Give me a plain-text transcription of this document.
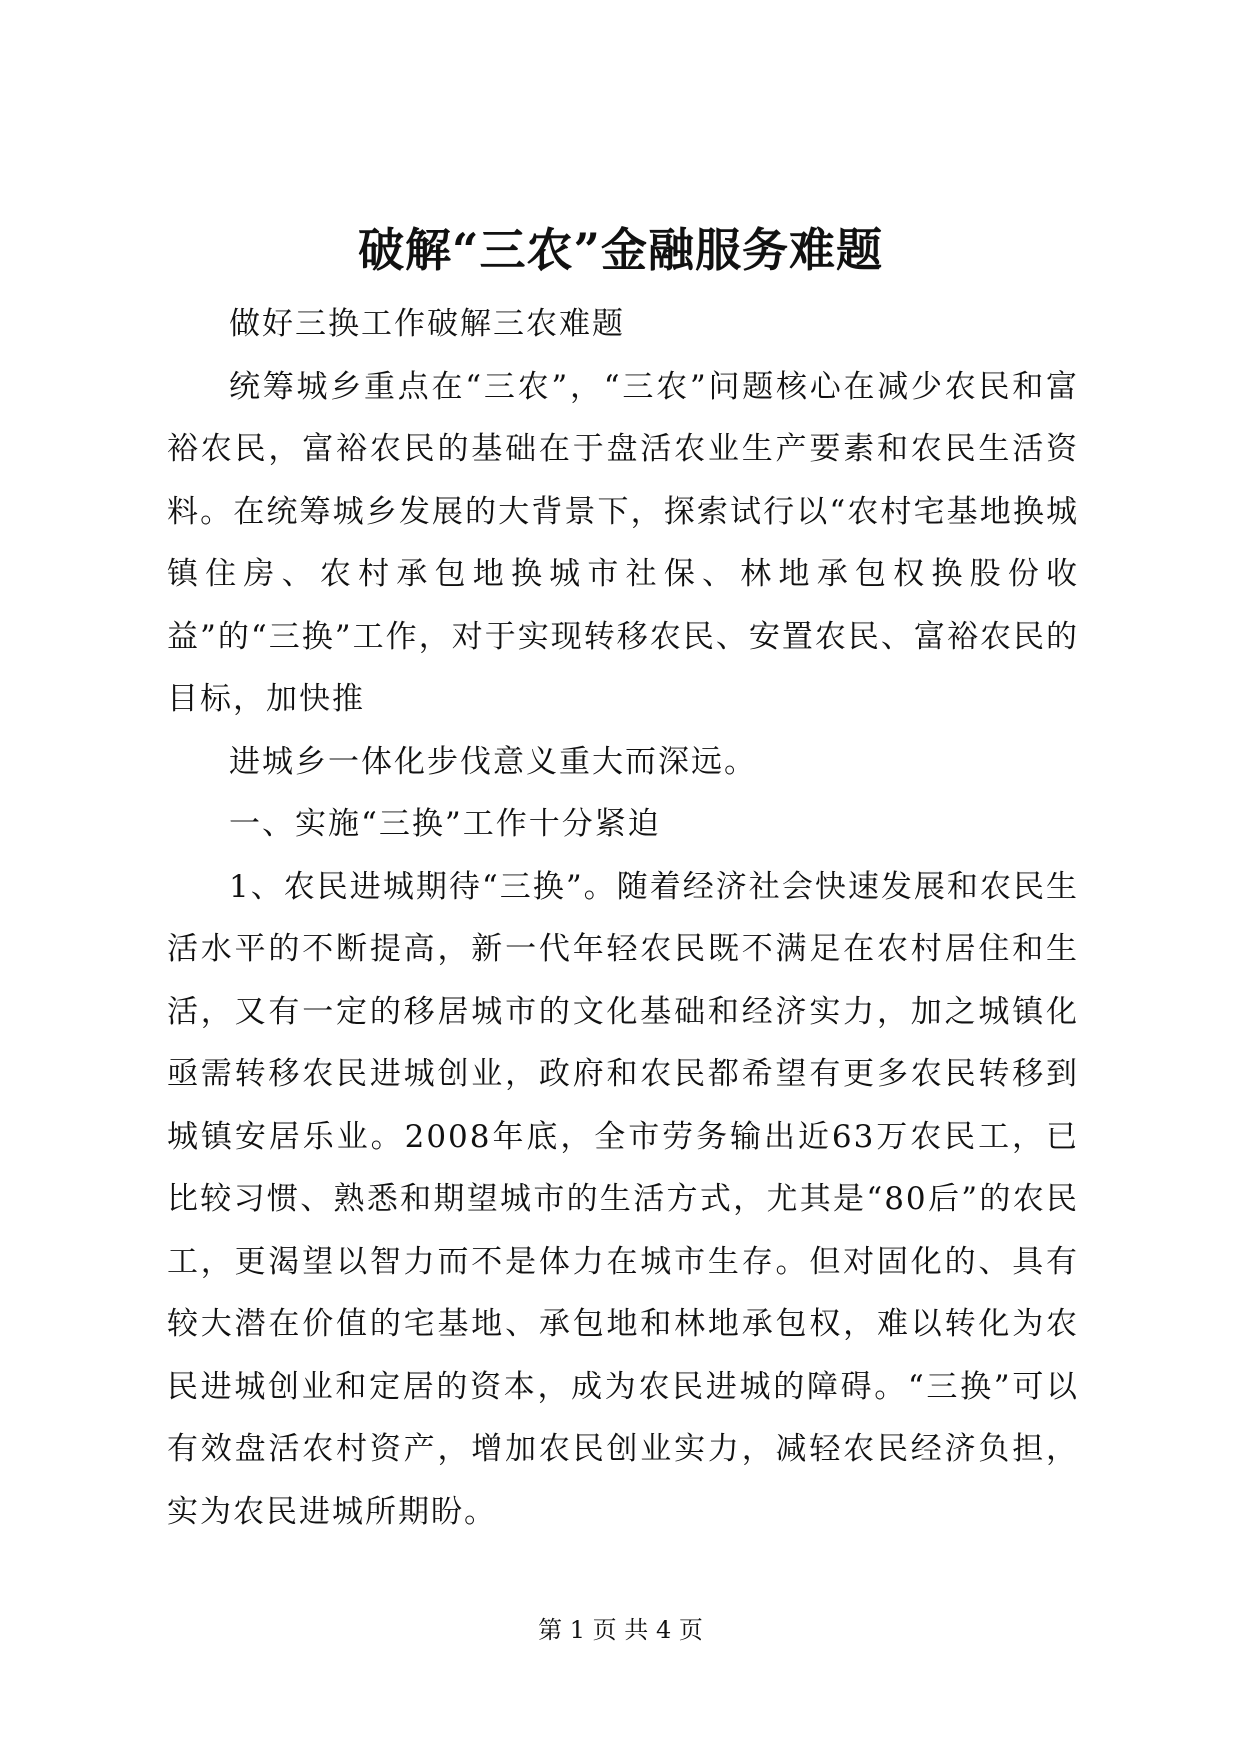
破解“三农”金融服务难题

做好三换工作破解三农难题

统筹城乡重点在“三农”，“三农”问题核心在减少农民和富裕农民，富裕农民的基础在于盘活农业生产要素和农民生活资料。在统筹城乡发展的大背景下，探索试行以“农村宅基地换城镇住房、农村承包地换城市社保、林地承包权换股份收益”的“三换”工作，对于实现转移农民、安置农民、富裕农民的目标，加快推

进城乡一体化步伐意义重大而深远。

一、实施“三换”工作十分紧迫

1、农民进城期待“三换”。随着经济社会快速发展和农民生活水平的不断提高，新一代年轻农民既不满足在农村居住和生活，又有一定的移居城市的文化基础和经济实力，加之城镇化亟需转移农民进城创业，政府和农民都希望有更多农民转移到城镇安居乐业。2008年底，全市劳务输出近63万农民工，已比较习惯、熟悉和期望城市的生活方式，尤其是“80后”的农民工，更渴望以智力而不是体力在城市生存。但对固化的、具有较大潜在价值的宅基地、承包地和林地承包权，难以转化为农民进城创业和定居的资本，成为农民进城的障碍。“三换”可以有效盘活农村资产，增加农民创业实力，减轻农民经济负担，实为农民进城所期盼。

第 1 页 共 4 页
